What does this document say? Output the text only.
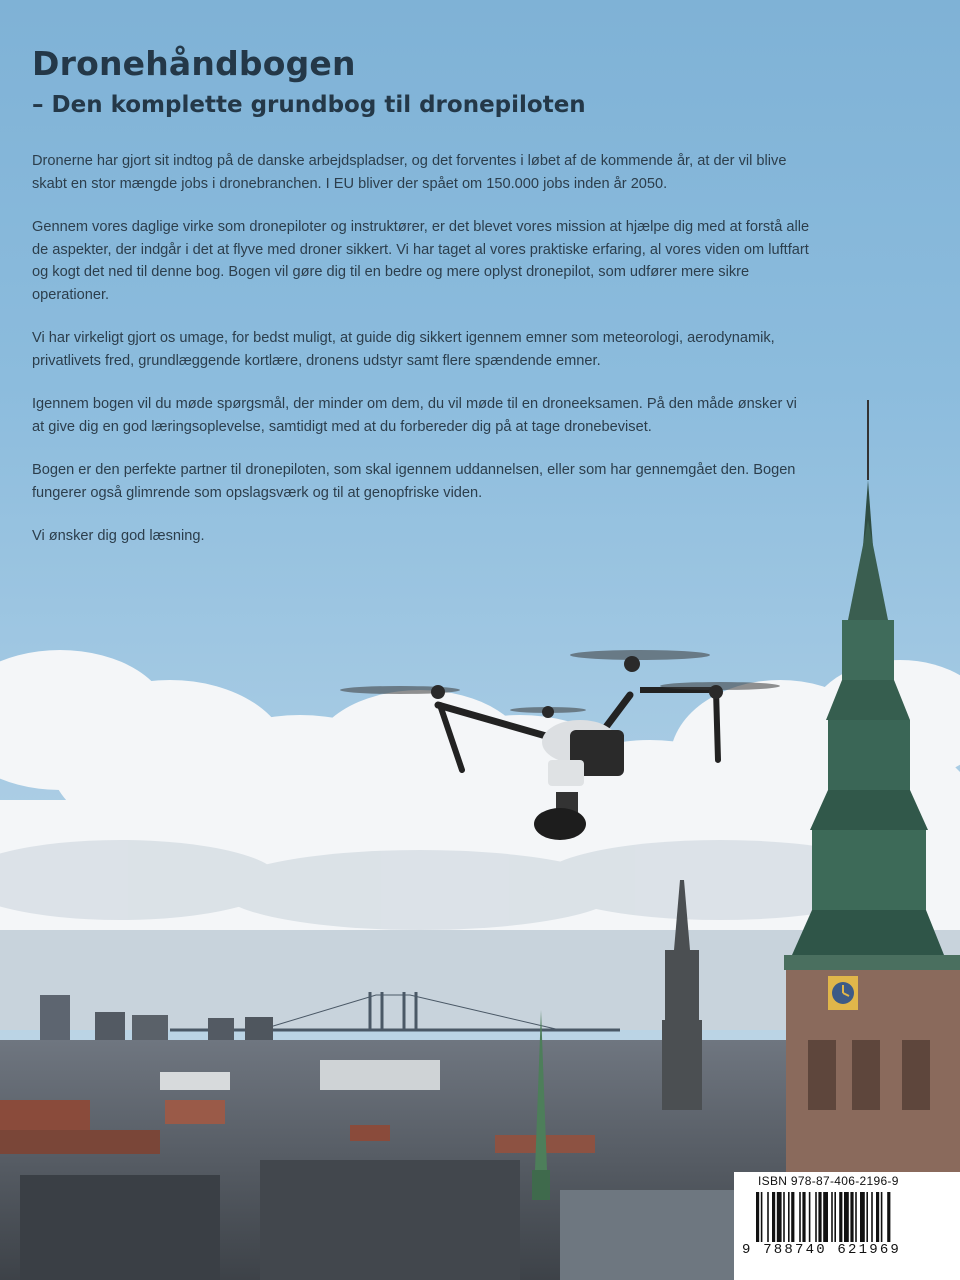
Dronehåndbogen
– Den komplette grundbog til dronepiloten

Dronerne har gjort sit indtog på de danske arbejdspladser, og det forventes i løbet af de kommende år, at der vil blive skabt en stor mængde jobs i dronebranchen. I EU bliver der spået om 150.000 jobs inden år 2050.

Gennem vores daglige virke som dronepiloter og instruktører, er det blevet vores mission at hjælpe dig med at forstå alle de aspekter, der indgår i det at flyve med droner sikkert. Vi har taget al vores praktiske erfaring, al vores viden om luftfart og kogt det ned til denne bog. Bogen vil gøre dig til en bedre og mere oplyst dronepilot, som udfører mere sikre operationer.

Vi har virkeligt gjort os umage, for bedst muligt, at guide dig sikkert igennem emner som meteorologi, aerodynamik, privatlivets fred, grundlæggende kortlære, dronens udstyr samt flere spændende emner.

Igennem bogen vil du møde spørgsmål, der minder om dem, du vil møde til en droneeksamen. På den måde ønsker vi at give dig en god læringsoplevelse, samtidigt med at du forbereder dig på at tage dronebeviset.

Bogen er den perfekte partner til dronepiloten, som skal igennem uddannelsen, eller som har gennemgået den. Bogen fungerer også glimrende som opslagsværk og til at genopfriske viden.

Vi ønsker dig god læsning.

ISBN 978-87-406-2196-9
9 788740 621969
